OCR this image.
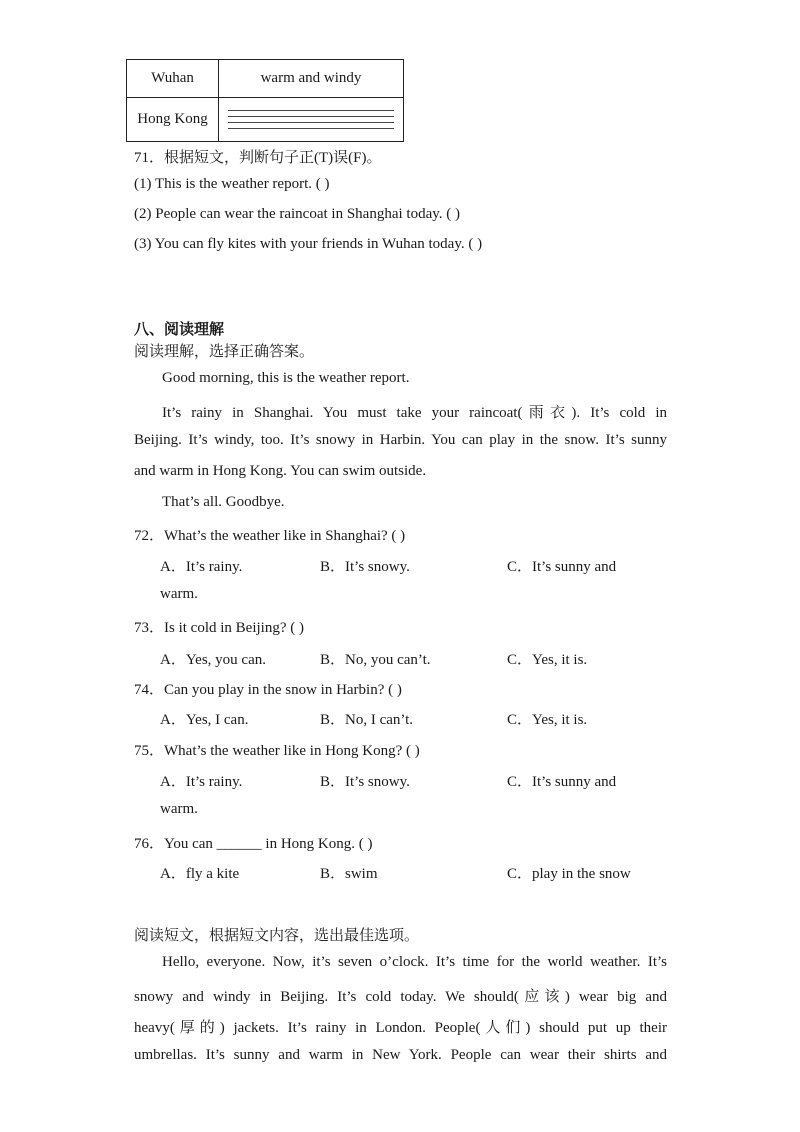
Wuhan	warm and windy
Hong Kong	
71．根据短文，判断句子正(T)误(F)。
(1) This is the weather report. ( )
(2) People can wear the raincoat in Shanghai today. ( )
(3) You can fly kites with your friends in Wuhan today. ( )
八、阅读理解
阅读理解，选择正确答案。
Good morning, this is the weather report.
It’s rainy in Shanghai. You must take your raincoat(雨衣). It’s cold in
Beijing. It’s windy, too. It’s snowy in Harbin. You can play in the snow. It’s sunny
and warm in Hong Kong. You can swim outside.
That’s all. Goodbye.
72．What’s the weather like in Shanghai? ( )
A．It’s rainy.	B．It’s snowy.	C．It’s sunny and
warm.
73．Is it cold in Beijing? ( )
A．Yes, you can.	B．No, you can’t.	C．Yes, it is.
74．Can you play in the snow in Harbin? ( )
A．Yes, I can.	B．No, I can’t.	C．Yes, it is.
75．What’s the weather like in Hong Kong? ( )
A．It’s rainy.	B．It’s snowy.	C．It’s sunny and
warm.
76．You can ______ in Hong Kong. ( )
A．fly a kite	B．swim	C．play in the snow
阅读短文，根据短文内容，选出最佳选项。
Hello, everyone. Now, it’s seven o’clock. It’s time for the world weather. It’s
snowy and windy in Beijing. It’s cold today. We should(应该) wear big and
heavy(厚的) jackets. It’s rainy in London. People(人们) should put up their
umbrellas. It’s sunny and warm in New York. People can wear their shirts and
